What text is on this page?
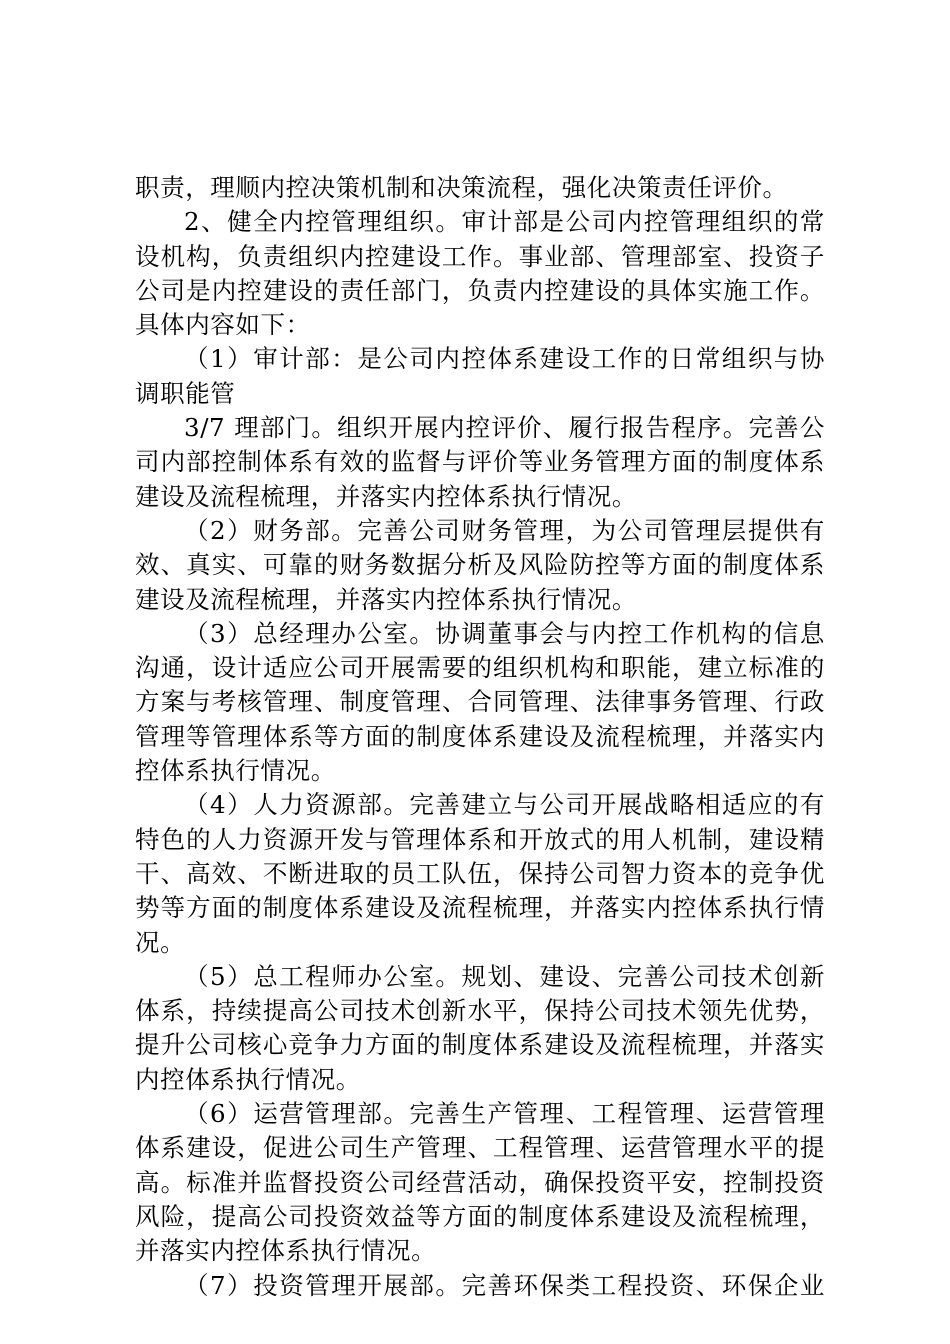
职责，理顺内控决策机制和决策流程，强化决策责任评价。
2、健全内控管理组织。审计部是公司内控管理组织的常
设机构，负责组织内控建设工作。事业部、管理部室、投资子
公司是内控建设的责任部门，负责内控建设的具体实施工作。
具体内容如下：
（1）审计部：是公司内控体系建设工作的日常组织与协
调职能管
3/7 理部门。组织开展内控评价、履行报告程序。完善公
司内部控制体系有效的监督与评价等业务管理方面的制度体系
建设及流程梳理，并落实内控体系执行情况。
（2）财务部。完善公司财务管理，为公司管理层提供有
效、真实、可靠的财务数据分析及风险防控等方面的制度体系
建设及流程梳理，并落实内控体系执行情况。
（3）总经理办公室。协调董事会与内控工作机构的信息
沟通，设计适应公司开展需要的组织机构和职能，建立标准的
方案与考核管理、制度管理、合同管理、法律事务管理、行政
管理等管理体系等方面的制度体系建设及流程梳理，并落实内
控体系执行情况。
（4）人力资源部。完善建立与公司开展战略相适应的有
特色的人力资源开发与管理体系和开放式的用人机制，建设精
干、高效、不断进取的员工队伍，保持公司智力资本的竞争优
势等方面的制度体系建设及流程梳理，并落实内控体系执行情
况。
（5）总工程师办公室。规划、建设、完善公司技术创新
体系，持续提高公司技术创新水平，保持公司技术领先优势，
提升公司核心竞争力方面的制度体系建设及流程梳理，并落实
内控体系执行情况。
（6）运营管理部。完善生产管理、工程管理、运营管理
体系建设，促进公司生产管理、工程管理、运营管理水平的提
高。标准并监督投资公司经营活动，确保投资平安，控制投资
风险，提高公司投资效益等方面的制度体系建设及流程梳理，
并落实内控体系执行情况。
（7）投资管理开展部。完善环保类工程投资、环保企业
